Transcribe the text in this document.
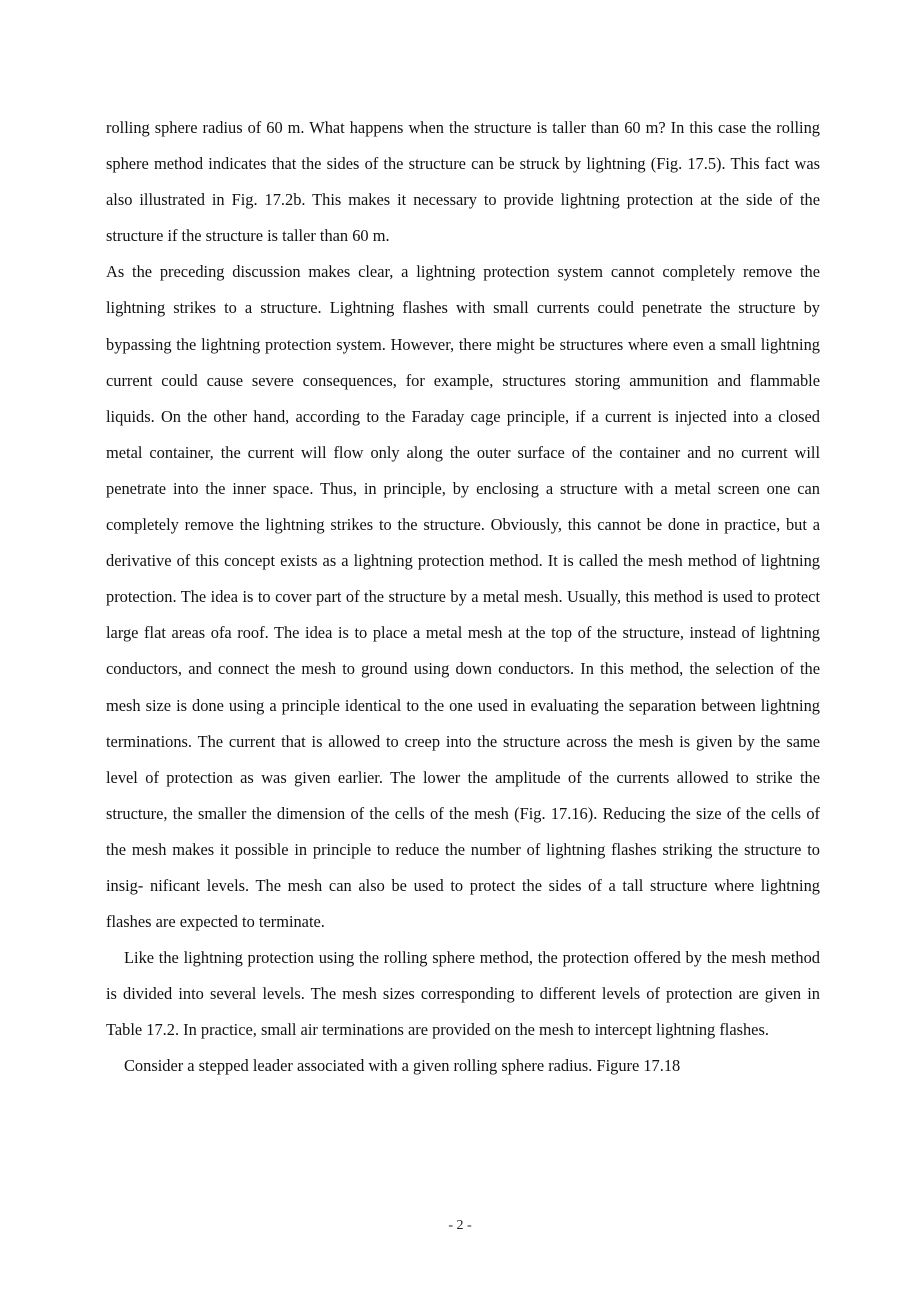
rolling sphere radius of 60 m. What happens when the structure is taller than 60 m? In this case the rolling sphere method indicates that the sides of the structure can be struck by lightning (Fig. 17.5). This fact was also illustrated in Fig. 17.2b. This makes it necessary to provide lightning protection at the side of the structure if the structure is taller than 60 m.

As the preceding discussion makes clear, a lightning protection system cannot completely remove the lightning strikes to a structure. Lightning flashes with small currents could penetrate the structure by bypassing the lightning protection system. However, there might be structures where even a small lightning current could cause severe consequences, for example, structures storing ammunition and flammable liquids. On the other hand, according to the Faraday cage principle, if a current is injected into a closed metal container, the current will flow only along the outer surface of the container and no current will penetrate into the inner space. Thus, in principle, by enclosing a structure with a metal screen one can completely remove the lightning strikes to the structure. Obviously, this cannot be done in practice, but a derivative of this concept exists as a lightning protection method. It is called the mesh method of lightning protection. The idea is to cover part of the structure by a metal mesh. Usually, this method is used to protect large flat areas ofa roof. The idea is to place a metal mesh at the top of the structure, instead of lightning conductors, and connect the mesh to ground using down conductors. In this method, the selection of the mesh size is done using a principle identical to the one used in evaluating the separation between lightning terminations. The current that is allowed to creep into the structure across the mesh is given by the same level of protection as was given earlier. The lower the amplitude of the currents allowed to strike the structure, the smaller the dimension of the cells of the mesh (Fig. 17.16). Reducing the size of the cells of the mesh makes it possible in principle to reduce the number of lightning flashes striking the structure to insig- nificant levels. The mesh can also be used to protect the sides of a tall structure where lightning flashes are expected to terminate.

Like the lightning protection using the rolling sphere method, the protection offered by the mesh method is divided into several levels. The mesh sizes corresponding to different levels of protection are given in Table 17.2. In practice, small air terminations are provided on the mesh to intercept lightning flashes.

Consider a stepped leader associated with a given rolling sphere radius. Figure 17.18

- 2 -
